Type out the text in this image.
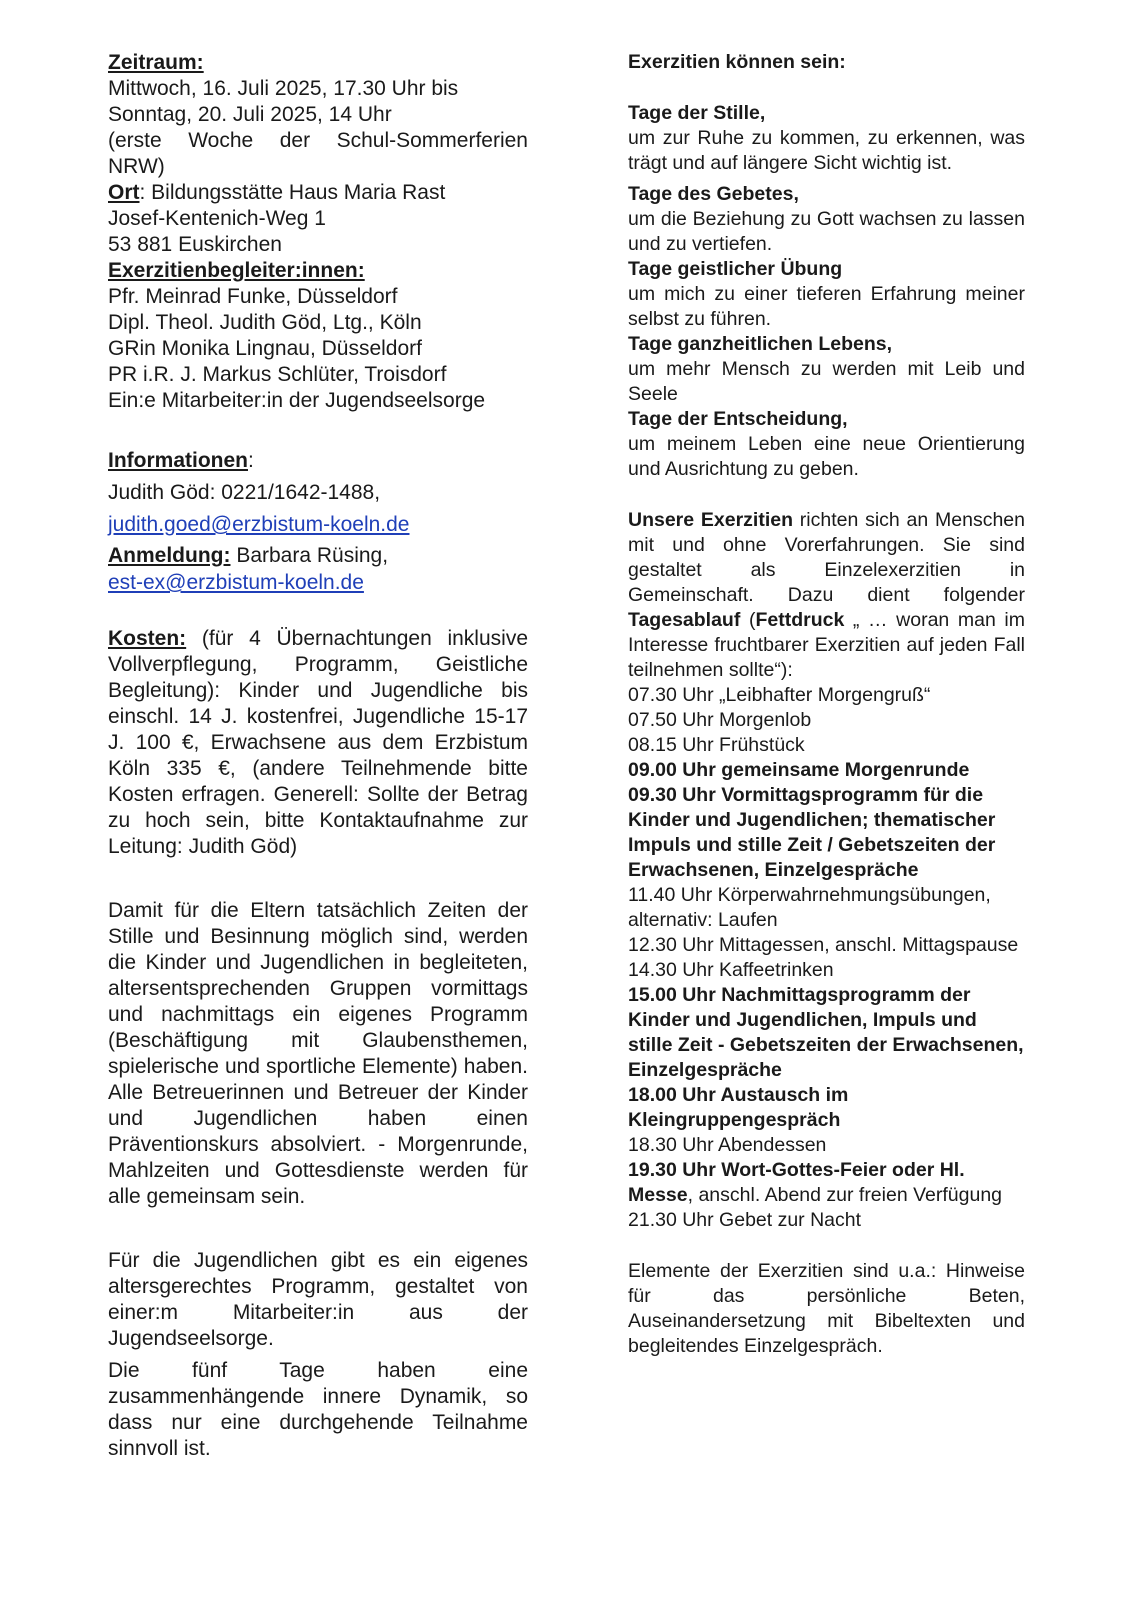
Zeitraum:

Mittwoch, 16. Juli 2025, 17.30 Uhr bis

Sonntag, 20. Juli 2025, 14 Uhr

(erste Woche der Schul-Sommerferien NRW)

Ort: Bildungsstätte Haus Maria Rast

Josef-Kentenich-Weg 1

53 881 Euskirchen

Exerzitienbegleiter:innen:

Pfr. Meinrad Funke, Düsseldorf

Dipl. Theol. Judith Göd, Ltg., Köln

GRin Monika Lingnau, Düsseldorf

PR i.R. J. Markus Schlüter, Troisdorf

Ein:e Mitarbeiter:in der Jugendseelsorge

Informationen:

Judith Göd: 0221/1642-1488,

judith.goed@erzbistum-koeln.de

Anmeldung: Barbara Rüsing,

est-ex@erzbistum-koeln.de

Kosten: (für 4 Übernachtungen inklusive Vollverpflegung, Programm, Geistliche Begleitung): Kinder und Jugendliche bis einschl. 14 J. kostenfrei, Jugendliche 15-17 J. 100 €, Erwachsene aus dem Erzbistum Köln 335 €, (andere Teilnehmende bitte Kosten erfragen. Generell: Sollte der Betrag zu hoch sein, bitte Kontaktaufnahme zur Leitung: Judith Göd)

Damit für die Eltern tatsächlich Zeiten der Stille und Besinnung möglich sind, werden die Kinder und Jugendlichen in begleiteten, altersentsprechenden Gruppen vormittags und nachmittags ein eigenes Programm (Beschäftigung mit Glaubensthemen, spielerische und sportliche Elemente) haben. Alle Betreuerinnen und Betreuer der Kinder und Jugendlichen haben einen Präventionskurs absolviert. - Morgenrunde, Mahlzeiten und Gottesdienste werden für alle gemeinsam sein.

Für die Jugendlichen gibt es ein eigenes altersgerechtes Programm, gestaltet von einer:m Mitarbeiter:in aus der Jugendseelsorge.

Die fünf Tage haben eine zusammenhängende innere Dynamik, so dass nur eine durchgehende Teilnahme sinnvoll ist.

Exerzitien können sein:

Tage der Stille,

um zur Ruhe zu kommen, zu erkennen, was trägt und auf längere Sicht wichtig ist.

Tage des Gebetes,

um die Beziehung zu Gott wachsen zu lassen und zu vertiefen.

Tage geistlicher Übung

um mich zu einer tieferen Erfahrung meiner selbst zu führen.

Tage ganzheitlichen Lebens,

um mehr Mensch zu werden mit Leib und Seele

Tage der Entscheidung,

um meinem Leben eine neue Orientierung und Ausrichtung zu geben.

Unsere Exerzitien richten sich an Menschen mit und ohne Vorerfahrungen. Sie sind gestaltet als Einzelexerzitien in Gemeinschaft. Dazu dient folgender Tagesablauf (Fettdruck „ … woran man im Interesse fruchtbarer Exerzitien auf jeden Fall teilnehmen sollte“):

07.30 Uhr „Leibhafter Morgengruß“

07.50 Uhr Morgenlob

08.15 Uhr Frühstück

09.00 Uhr gemeinsame Morgenrunde

09.30 Uhr Vormittagsprogramm für die Kinder und Jugendlichen; thematischer Impuls und stille Zeit / Gebetszeiten der Erwachsenen, Einzelgespräche

11.40 Uhr Körperwahrnehmungsübungen, alternativ: Laufen

12.30 Uhr Mittagessen, anschl. Mittagspause

14.30 Uhr Kaffeetrinken

15.00 Uhr Nachmittagsprogramm der Kinder und Jugendlichen, Impuls und stille Zeit - Gebetszeiten der Erwachsenen, Einzelgespräche

18.00 Uhr Austausch im Kleingruppengespräch

18.30 Uhr Abendessen

19.30 Uhr Wort-Gottes-Feier oder Hl. Messe, anschl. Abend zur freien Verfügung

21.30 Uhr Gebet zur Nacht

Elemente der Exerzitien sind u.a.: Hinweise für das persönliche Beten, Auseinandersetzung mit Bibeltexten und begleitendes Einzelgespräch.
